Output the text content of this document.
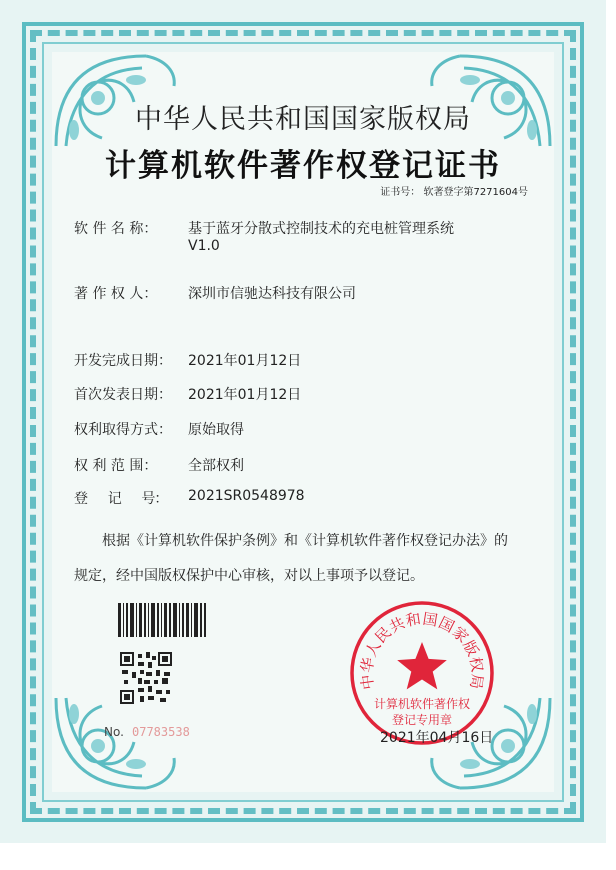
中华人民共和国国家版权局
计算机软件著作权登记证书
证书号： 软著登字第7271604号
软 件 名 称：	基于蓝牙分散式控制技术的充电桩管理系统
V1.0
著 作 权 人：	深圳市信驰达科技有限公司
开发完成日期：	2021年01月12日
首次发表日期：	2021年01月12日
权利取得方式：	原始取得
权 利 范 围：	全部权利
登      记      号：	2021SR0548978
根据《计算机软件保护条例》和《计算机软件著作权登记办法》的
规定，经中国版权保护中心审核，对以上事项予以登记。
No. 07783538
中华人民共和国国家版权局
计算机软件著作权
登记专用章
2021年04月16日
